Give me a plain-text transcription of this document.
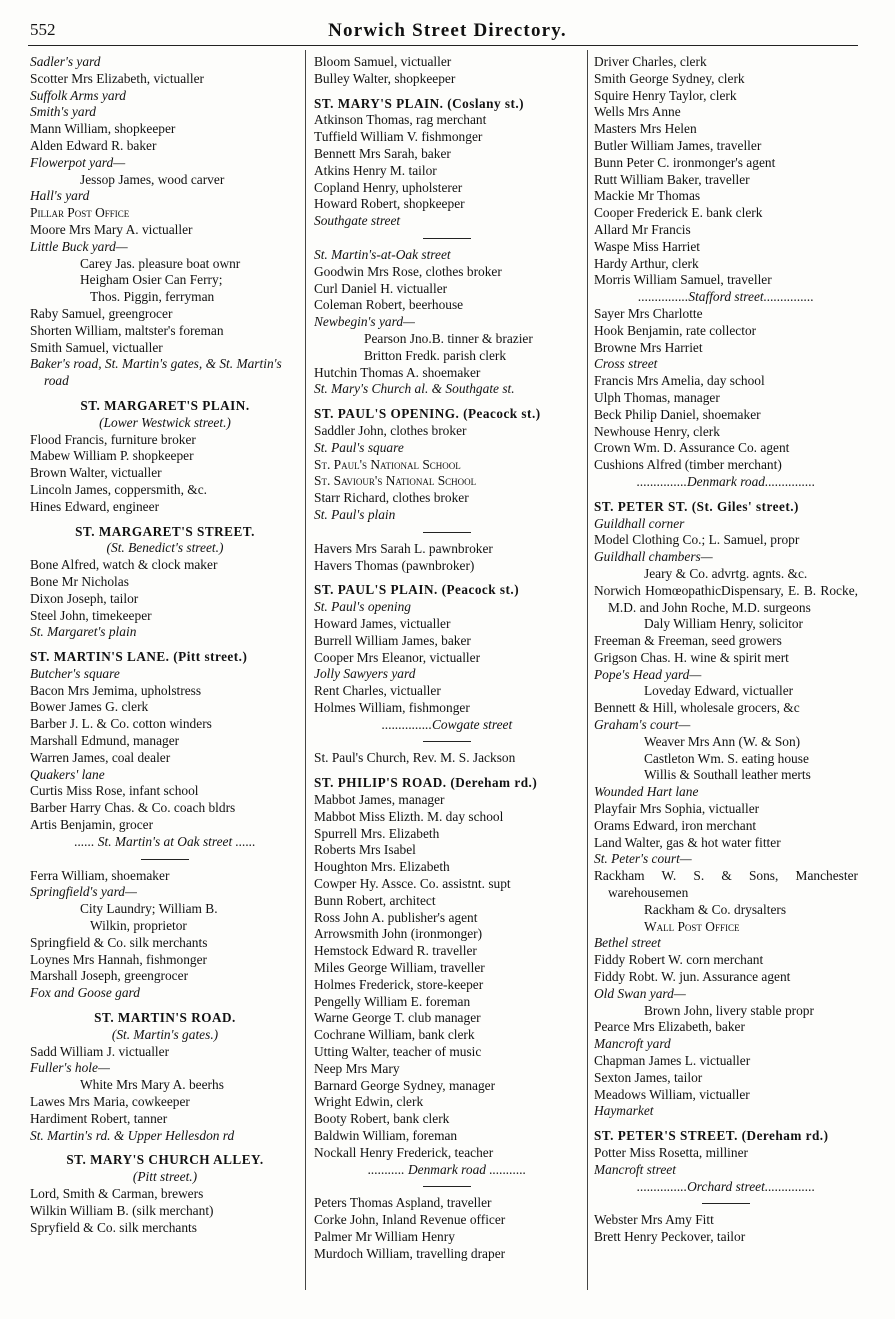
552	Norwich Street Directory.
Sadler's yard
Scotter Mrs Elizabeth, victualler
Suffolk Arms yard
Smith's yard
Mann William, shopkeeper
Alden Edward R. baker
Flowerpot yard—
Jessop James, wood carver
Hall's yard
Pillar Post Office
Moore Mrs Mary A. victualler
Little Buck yard—
Carey Jas. pleasure boat ownr
Heigham Osier Can Ferry;
Thos. Piggin, ferryman
Raby Samuel, greengrocer
Shorten William, maltster's foreman
Smith Samuel, victualler
Baker's road, St. Martin's gates, & St. Martin's road
ST. MARGARET'S PLAIN.
(Lower Westwick street.)
Flood Francis, furniture broker
Mabew William P. shopkeeper
Brown Walter, victualler
Lincoln James, coppersmith, &c.
Hines Edward, engineer
ST. MARGARET'S STREET.
(St. Benedict's street.)
Bone Alfred, watch & clock maker
Bone Mr Nicholas
Dixon Joseph, tailor
Steel John, timekeeper
St. Margaret's plain
ST. MARTIN'S LANE. (Pitt street.)
Butcher's square
Bacon Mrs Jemima, upholstress
Bower James G. clerk
Barber J. L. & Co. cotton winders
Marshall Edmund, manager
Warren James, coal dealer
Quakers' lane
Curtis Miss Rose, infant school
Barber Harry Chas. & Co. coach bldrs
Artis Benjamin, grocer
...... St. Martin's at Oak street ......
Ferra William, shoemaker
Springfield's yard—
City Laundry; William B.
Wilkin, proprietor
Springfield & Co. silk merchants
Loynes Mrs Hannah, fishmonger
Marshall Joseph, greengrocer
Fox and Goose gard
ST. MARTIN'S ROAD.
(St. Martin's gates.)
Sadd William J. victualler
Fuller's hole—
White Mrs Mary A. beerhs
Lawes Mrs Maria, cowkeeper
Hardiment Robert, tanner
St. Martin's rd. & Upper Hellesdon rd
ST. MARY'S CHURCH ALLEY.
(Pitt street.)
Lord, Smith & Carman, brewers
Wilkin William B. (silk merchant)
Spryfield & Co. silk merchants
Bloom Samuel, victualler
Bulley Walter, shopkeeper
ST. MARY'S PLAIN. (Coslany st.)
Atkinson Thomas, rag merchant
Tuffield William V. fishmonger
Bennett Mrs Sarah, baker
Atkins Henry M. tailor
Copland Henry, upholsterer
Howard Robert, shopkeeper
Southgate street
St. Martin's-at-Oak street
Goodwin Mrs Rose, clothes broker
Curl Daniel H. victualler
Coleman Robert, beerhouse
Newbegin's yard—
Pearson Jno.B. tinner & brazier
Britton Fredk. parish clerk
Hutchin Thomas A. shoemaker
St. Mary's Church al. & Southgate st.
ST. PAUL'S OPENING. (Peacock st.)
Saddler John, clothes broker
St. Paul's square
St. Paul's National School
St. Saviour's National School
Starr Richard, clothes broker
St. Paul's plain
Havers Mrs Sarah L. pawnbroker
Havers Thomas (pawnbroker)
ST. PAUL'S PLAIN. (Peacock st.)
St. Paul's opening
Howard James, victualler
Burrell William James, baker
Cooper Mrs Eleanor, victualler
Jolly Sawyers yard
Rent Charles, victualler
Holmes William, fishmonger
...............Cowgate street
St. Paul's Church, Rev. M. S. Jackson
ST. PHILIP'S ROAD. (Dereham rd.)
Mabbot James, manager
Mabbot Miss Elizth. M. day school
Spurrell Mrs. Elizabeth
Roberts Mrs Isabel
Houghton Mrs. Elizabeth
Cowper Hy. Assce. Co. assistnt. supt
Bunn Robert, architect
Ross John A. publisher's agent
Arrowsmith John (ironmonger)
Hemstock Edward R. traveller
Miles George William, traveller
Holmes Frederick, store-keeper
Pengelly William E. foreman
Warne George T. club manager
Cochrane William, bank clerk
Utting Walter, teacher of music
Neep Mrs Mary
Barnard George Sydney, manager
Wright Edwin, clerk
Booty Robert, bank clerk
Baldwin William, foreman
Nockall Henry Frederick, teacher
........... Denmark road ...........
Peters Thomas Aspland, traveller
Corke John, Inland Revenue officer
Palmer Mr William Henry
Murdoch William, travelling draper
Driver Charles, clerk
Smith George Sydney, clerk
Squire Henry Taylor, clerk
Wells Mrs Anne
Masters Mrs Helen
Butler William James, traveller
Bunn Peter C. ironmonger's agent
Rutt William Baker, traveller
Mackie Mr Thomas
Cooper Frederick E. bank clerk
Allard Mr Francis
Waspe Miss Harriet
Hardy Arthur, clerk
Morris William Samuel, traveller
...............Stafford street...............
Sayer Mrs Charlotte
Hook Benjamin, rate collector
Browne Mrs Harriet
Cross street
Francis Mrs Amelia, day school
Ulph Thomas, manager
Beck Philip Daniel, shoemaker
Newhouse Henry, clerk
Crown Wm. D. Assurance Co. agent
Cushions Alfred (timber merchant)
...............Denmark road...............
ST. PETER ST. (St. Giles' street.)
Guildhall corner
Model Clothing Co.; L. Samuel, propr
Guildhall chambers—
Jeary & Co. advrtg. agnts. &c.
Norwich HomœopathicDispensary, E. B. Rocke, M.D. and John Roche, M.D. surgeons
Daly William Henry, solicitor
Freeman & Freeman, seed growers
Grigson Chas. H. wine & spirit mert
Pope's Head yard—
Loveday Edward, victualler
Bennett & Hill, wholesale grocers, &c
Graham's court—
Weaver Mrs Ann (W. & Son)
Castleton Wm. S. eating house
Willis & Southall leather merts
Wounded Hart lane
Playfair Mrs Sophia, victualler
Orams Edward, iron merchant
Land Walter, gas & hot water fitter
St. Peter's court—
Rackham W. S. & Sons, Manchester warehousemen
Rackham & Co. drysalters
Wall Post Office
Bethel street
Fiddy Robert W. corn merchant
Fiddy Robt. W. jun. Assurance agent
Old Swan yard—
Brown John, livery stable propr
Pearce Mrs Elizabeth, baker
Mancroft yard
Chapman James L. victualler
Sexton James, tailor
Meadows William, victualler
Haymarket
ST. PETER'S STREET. (Dereham rd.)
Potter Miss Rosetta, milliner
Mancroft street
...............Orchard street...............
Webster Mrs Amy Fitt
Brett Henry Peckover, tailor
